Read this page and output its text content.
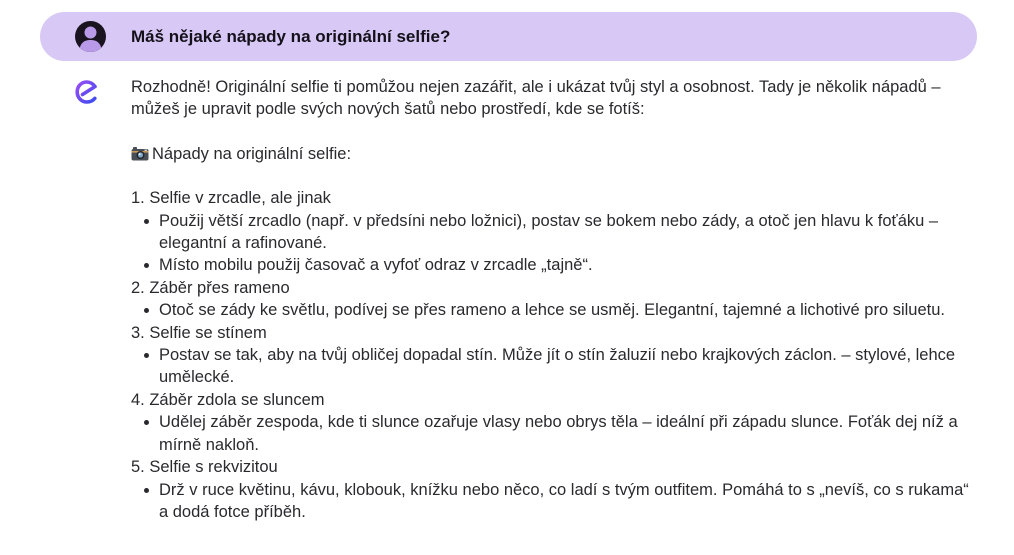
Máš nějaké nápady na originální selfie?

Rozhodně! Originální selfie ti pomůžou nejen zazářit, ale i ukázat tvůj styl a osobnost. Tady je několik nápadů – můžeš je upravit podle svých nových šatů nebo prostředí, kde se fotíš:

Nápady na originální selfie:

1. Selfie v zrcadle, ale jinak
Použij větší zrcadlo (např. v předsíni nebo ložnici), postav se bokem nebo zády, a otoč jen hlavu k foťáku – elegantní a rafinované.
Místo mobilu použij časovač a vyfoť odraz v zrcadle „tajně“.
2. Záběr přes rameno
Otoč se zády ke světlu, podívej se přes rameno a lehce se usměj. Elegantní, tajemné a lichotivé pro siluetu.
3. Selfie se stínem
Postav se tak, aby na tvůj obličej dopadal stín. Může jít o stín žaluzií nebo krajkových záclon. – stylové, lehce umělecké.
4. Záběr zdola se sluncem
Udělej záběr zespoda, kde ti slunce ozařuje vlasy nebo obrys těla – ideální při západu slunce. Foťák dej níž a mírně nakloň.
5. Selfie s rekvizitou
Drž v ruce květinu, kávu, klobouk, knížku nebo něco, co ladí s tvým outfitem. Pomáhá to s „nevíš, co s rukama“ a dodá fotce příběh.
